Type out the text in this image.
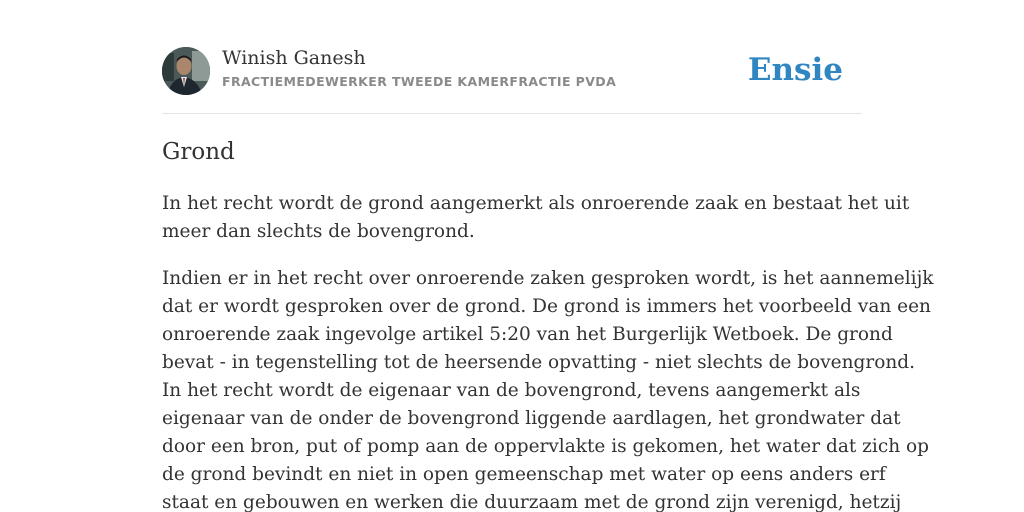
Winish Ganesh
FRACTIEMEDEWERKER TWEEDE KAMERFRACTIE PVDA	Ensie
Grond

In het recht wordt de grond aangemerkt als onroerende zaak en bestaat het uit
meer dan slechts de bovengrond.

Indien er in het recht over onroerende zaken gesproken wordt, is het aannemelijk
dat er wordt gesproken over de grond. De grond is immers het voorbeeld van een
onroerende zaak ingevolge artikel 5:20 van het Burgerlijk Wetboek. De grond
bevat - in tegenstelling tot de heersende opvatting - niet slechts de bovengrond.
In het recht wordt de eigenaar van de bovengrond, tevens aangemerkt als
eigenaar van de onder de bovengrond liggende aardlagen, het grondwater dat
door een bron, put of pomp aan de oppervlakte is gekomen, het water dat zich op
de grond bevindt en niet in open gemeenschap met water op eens anders erf
staat en gebouwen en werken die duurzaam met de grond zijn verenigd, hetzij
